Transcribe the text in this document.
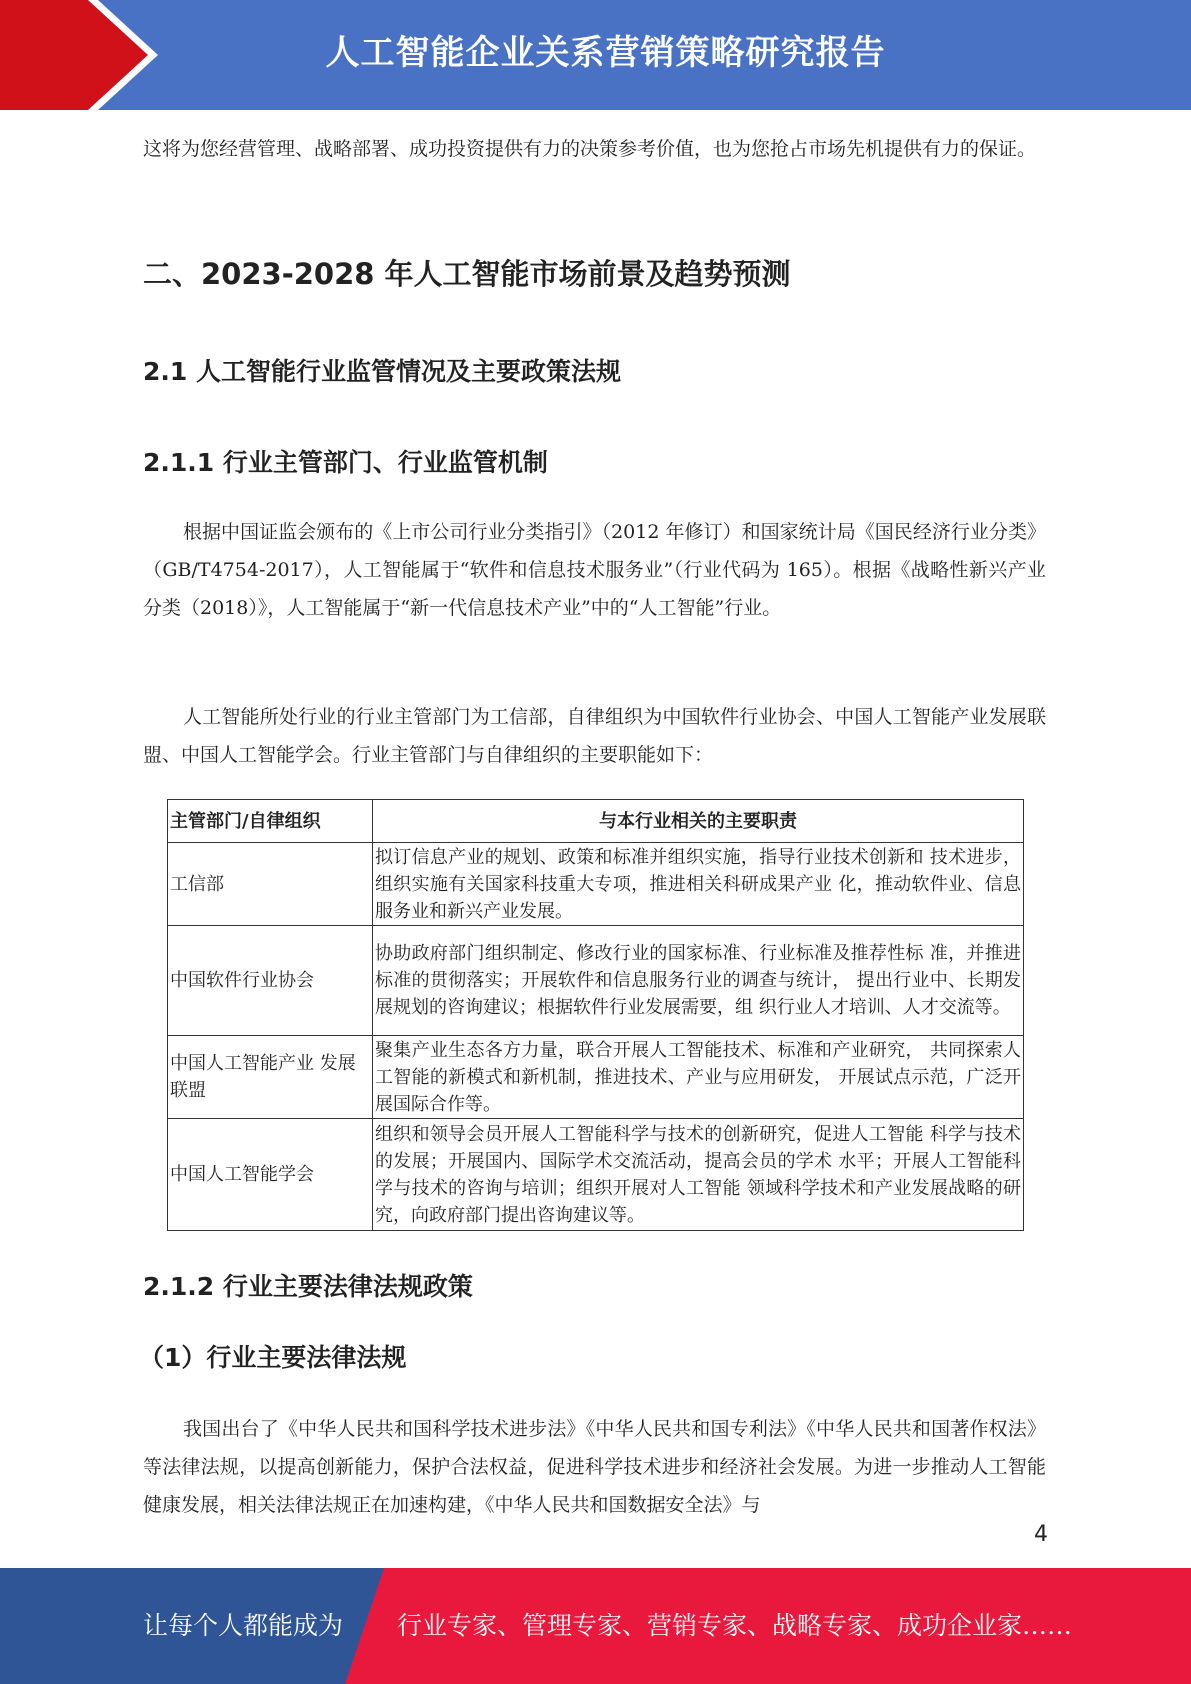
人工智能企业关系营销策略研究报告

这将为您经营管理、战略部署、成功投资提供有力的决策参考价值，也为您抢占市场先机提供有力的保证。

二、2023-2028 年人工智能市场前景及趋势预测
2.1 人工智能行业监管情况及主要政策法规
2.1.1 行业主管部门、行业监管机制

根据中国证监会颁布的《上市公司行业分类指引》（2012 年修订）和国家统计局《国民经济行业分类》（GB/T4754-2017），人工智能属于“软件和信息技术服务业”（行业代码为 165）。根据《战略性新兴产业分类（2018）》，人工智能属于“新一代信息技术产业”中的“人工智能”行业。

人工智能所处行业的行业主管部门为工信部，自律组织为中国软件行业协会、中国人工智能产业发展联盟、中国人工智能学会。行业主管部门与自律组织的主要职能如下：

主管部门/自律组织	与本行业相关的主要职责
工信部	拟订信息产业的规划、政策和标准并组织实施，指导行业技术创新和 技术进步，组织实施有关国家科技重大专项，推进相关科研成果产业 化，推动软件业、信息服务业和新兴产业发展。
中国软件行业协会	协助政府部门组织制定、修改行业的国家标准、行业标准及推荐性标 准，并推进标准的贯彻落实；开展软件和信息服务行业的调查与统计， 提出行业中、长期发展规划的咨询建议；根据软件行业发展需要，组 织行业人才培训、人才交流等。
中国人工智能产业 发展联盟	聚集产业生态各方力量，联合开展人工智能技术、标准和产业研究， 共同探索人工智能的新模式和新机制，推进技术、产业与应用研发， 开展试点示范，广泛开展国际合作等。
中国人工智能学会	组织和领导会员开展人工智能科学与技术的创新研究，促进人工智能 科学与技术的发展；开展国内、国际学术交流活动，提高会员的学术 水平；开展人工智能科学与技术的咨询与培训；组织开展对人工智能 领域科学技术和产业发展战略的研究，向政府部门提出咨询建议等。
2.1.2 行业主要法律法规政策
（1）行业主要法律法规

我国出台了《中华人民共和国科学技术进步法》《中华人民共和国专利法》《中华人民共和国著作权法》等法律法规，以提高创新能力，保护合法权益，促进科学技术进步和经济社会发展。为进一步推动人工智能健康发展，相关法律法规正在加速构建，《中华人民共和国数据安全法》与

4
让每个人都能成为 行业专家、管理专家、营销专家、战略专家、成功企业家……
